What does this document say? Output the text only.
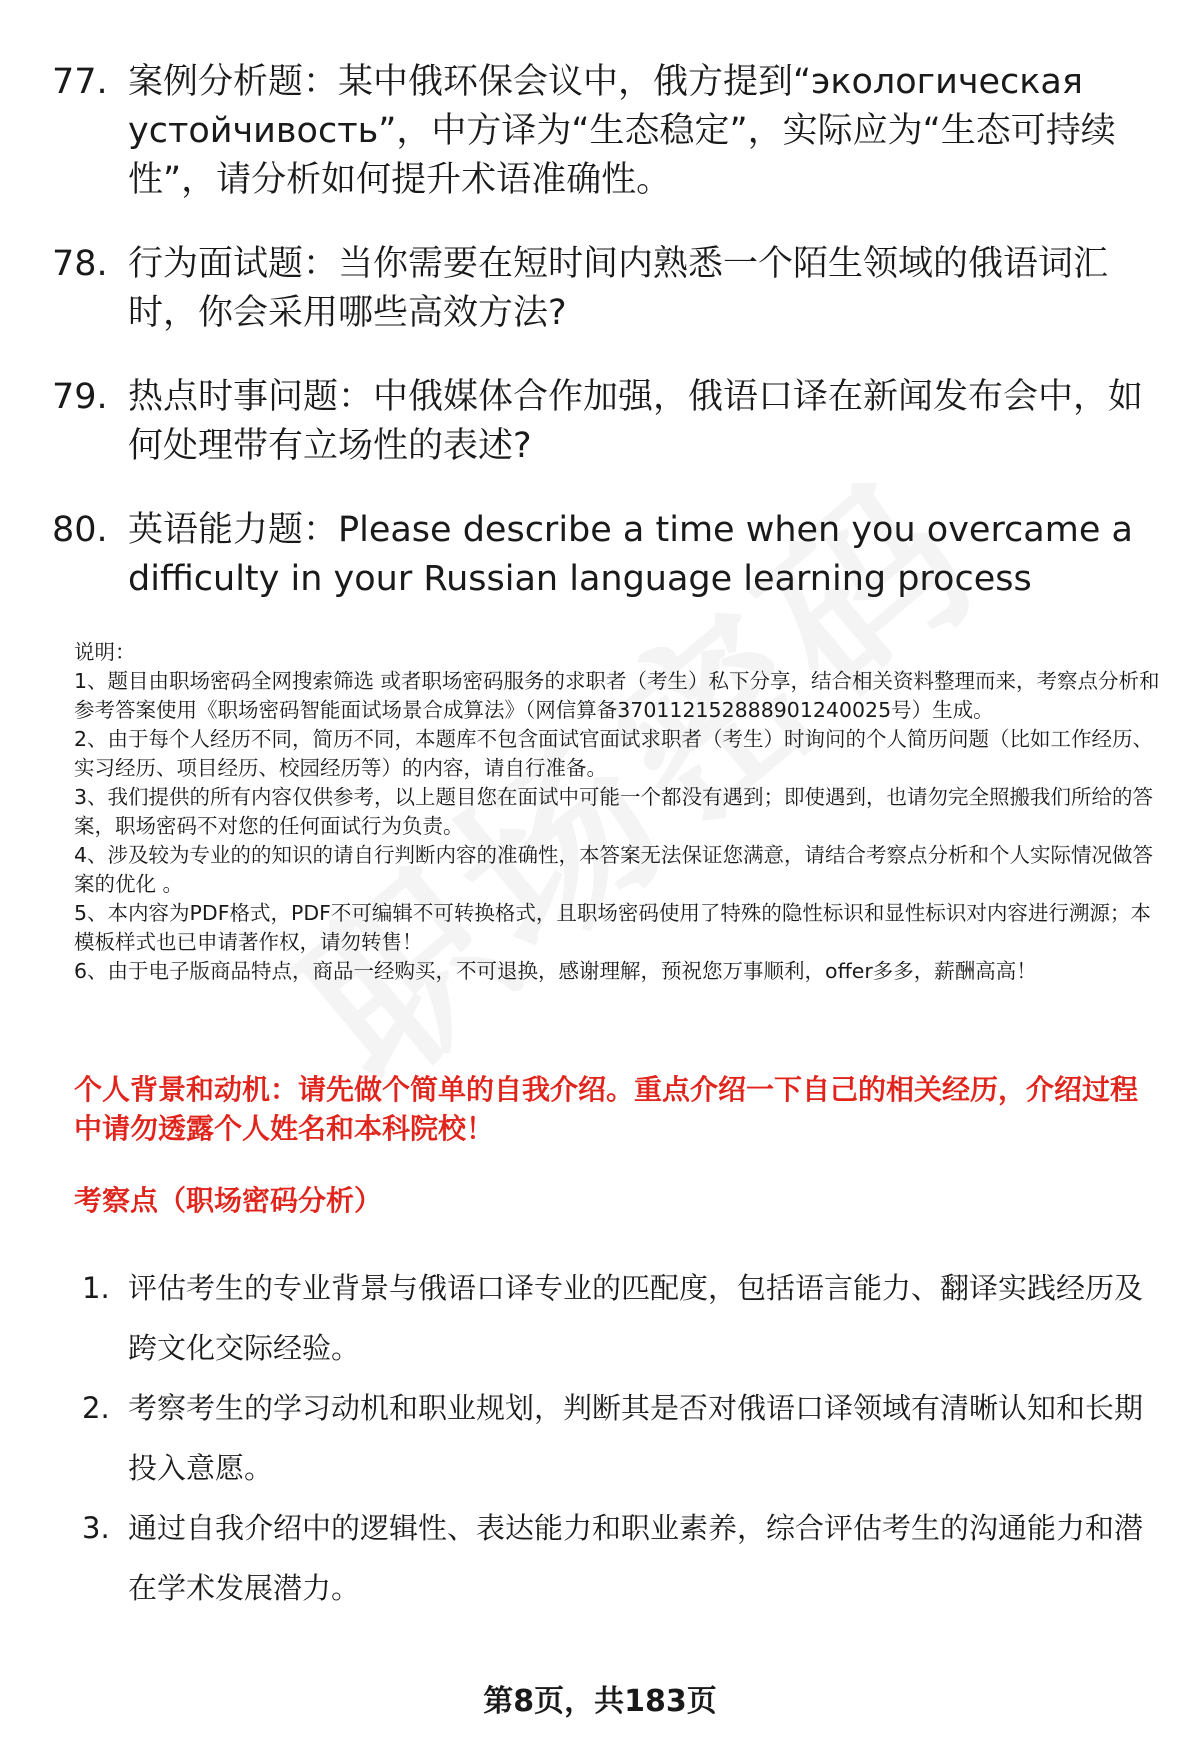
77. 案例分析题：某中俄环保会议中，俄方提到“экологическая устойчивость”，中方译为“生态稳定”，实际应为“生态可持续性”，请分析如何提升术语准确性。
78. 行为面试题：当你需要在短时间内熟悉一个陌生领域的俄语词汇时，你会采用哪些高效方法?
79. 热点时事问题：中俄媒体合作加强，俄语口译在新闻发布会中，如何处理带有立场性的表述?
80. 英语能力题：Please describe a time when you overcame a difficulty in your Russian language learning process

说明：

1、题目由职场密码全网搜索筛选 或者职场密码服务的求职者（考生）私下分享，结合相关资料整理而来，考察点分析和参考答案使用《职场密码智能面试场景合成算法》（网信算备370112152888901240025号）生成。

2、由于每个人经历不同，简历不同，本题库不包含面试官面试求职者（考生）时询问的个人简历问题（比如工作经历、实习经历、项目经历、校园经历等）的内容，请自行准备。

3、我们提供的所有内容仅供参考，以上题目您在面试中可能一个都没有遇到；即使遇到，也请勿完全照搬我们所给的答案，职场密码不对您的任何面试行为负责。

4、涉及较为专业的的知识的请自行判断内容的准确性，本答案无法保证您满意，请结合考察点分析和个人实际情况做答案的优化 。

5、本内容为PDF格式，PDF不可编辑不可转换格式，且职场密码使用了特殊的隐性标识和显性标识对内容进行溯源；本模板样式也已申请著作权，请勿转售！

6、由于电子版商品特点，商品一经购买，不可退换，感谢理解，预祝您万事顺利，offer多多，薪酬高高！

个人背景和动机：请先做个简单的自我介绍。重点介绍一下自己的相关经历，介绍过程中请勿透露个人姓名和本科院校！
考察点（职场密码分析）
1. 评估考生的专业背景与俄语口译专业的匹配度，包括语言能力、翻译实践经历及跨文化交际经验。
2. 考察考生的学习动机和职业规划，判断其是否对俄语口译领域有清晰认知和长期投入意愿。
3. 通过自我介绍中的逻辑性、表达能力和职业素养，综合评估考生的沟通能力和潜在学术发展潜力。
第8页，共183页
